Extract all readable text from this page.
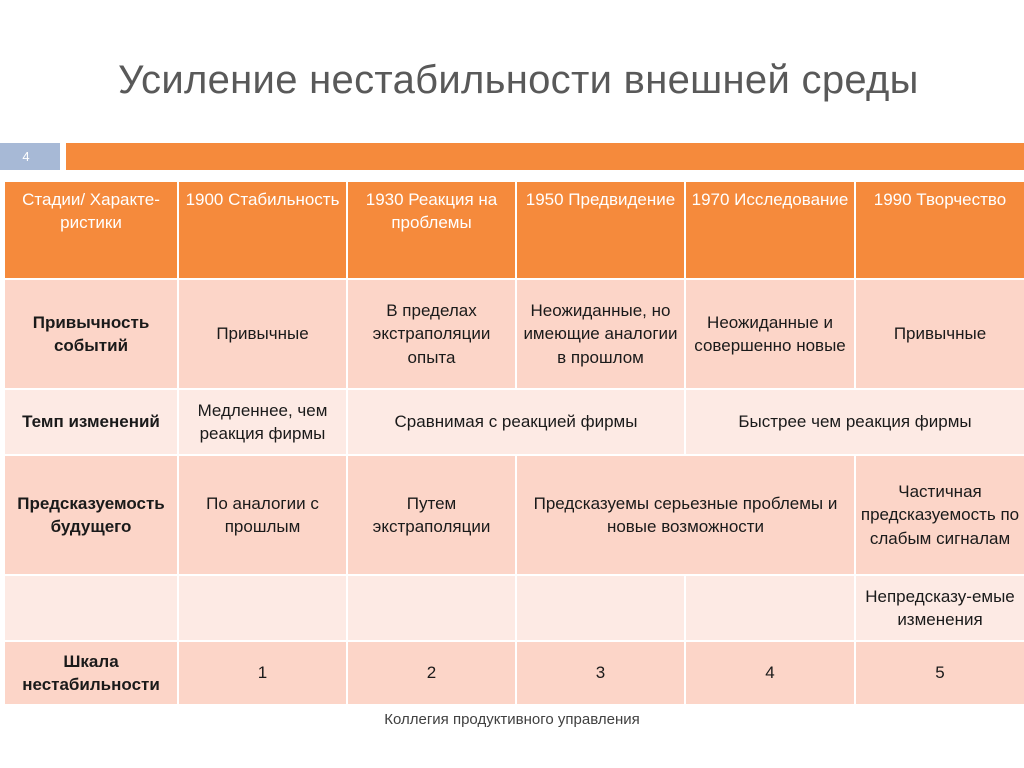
Усиление нестабильности внешней среды
4
Стадии/ Характе-ристики	1900 Стабильность	1930 Реакция на проблемы	1950 Предвидение	1970 Исследование	1990 Творчество
Привычность событий	Привычные	В пределах экстраполяции опыта	Неожиданные, но имеющие аналогии в прошлом	Неожиданные и совершенно новые	Привычные
Темп изменений	Медленнее, чем реакция фирмы	Сравнимая с реакцией фирмы		Быстрее чем реакция фирмы	
Предсказуемость будущего	По аналогии с прошлым	Путем экстраполяции	Предсказуемы серьезные проблемы и новые возможности		Частичная предсказуемость по слабым сигналам
					Непредсказу-емые изменения
Шкала нестабильности	1	2	3	4	5
Коллегия продуктивного управления
